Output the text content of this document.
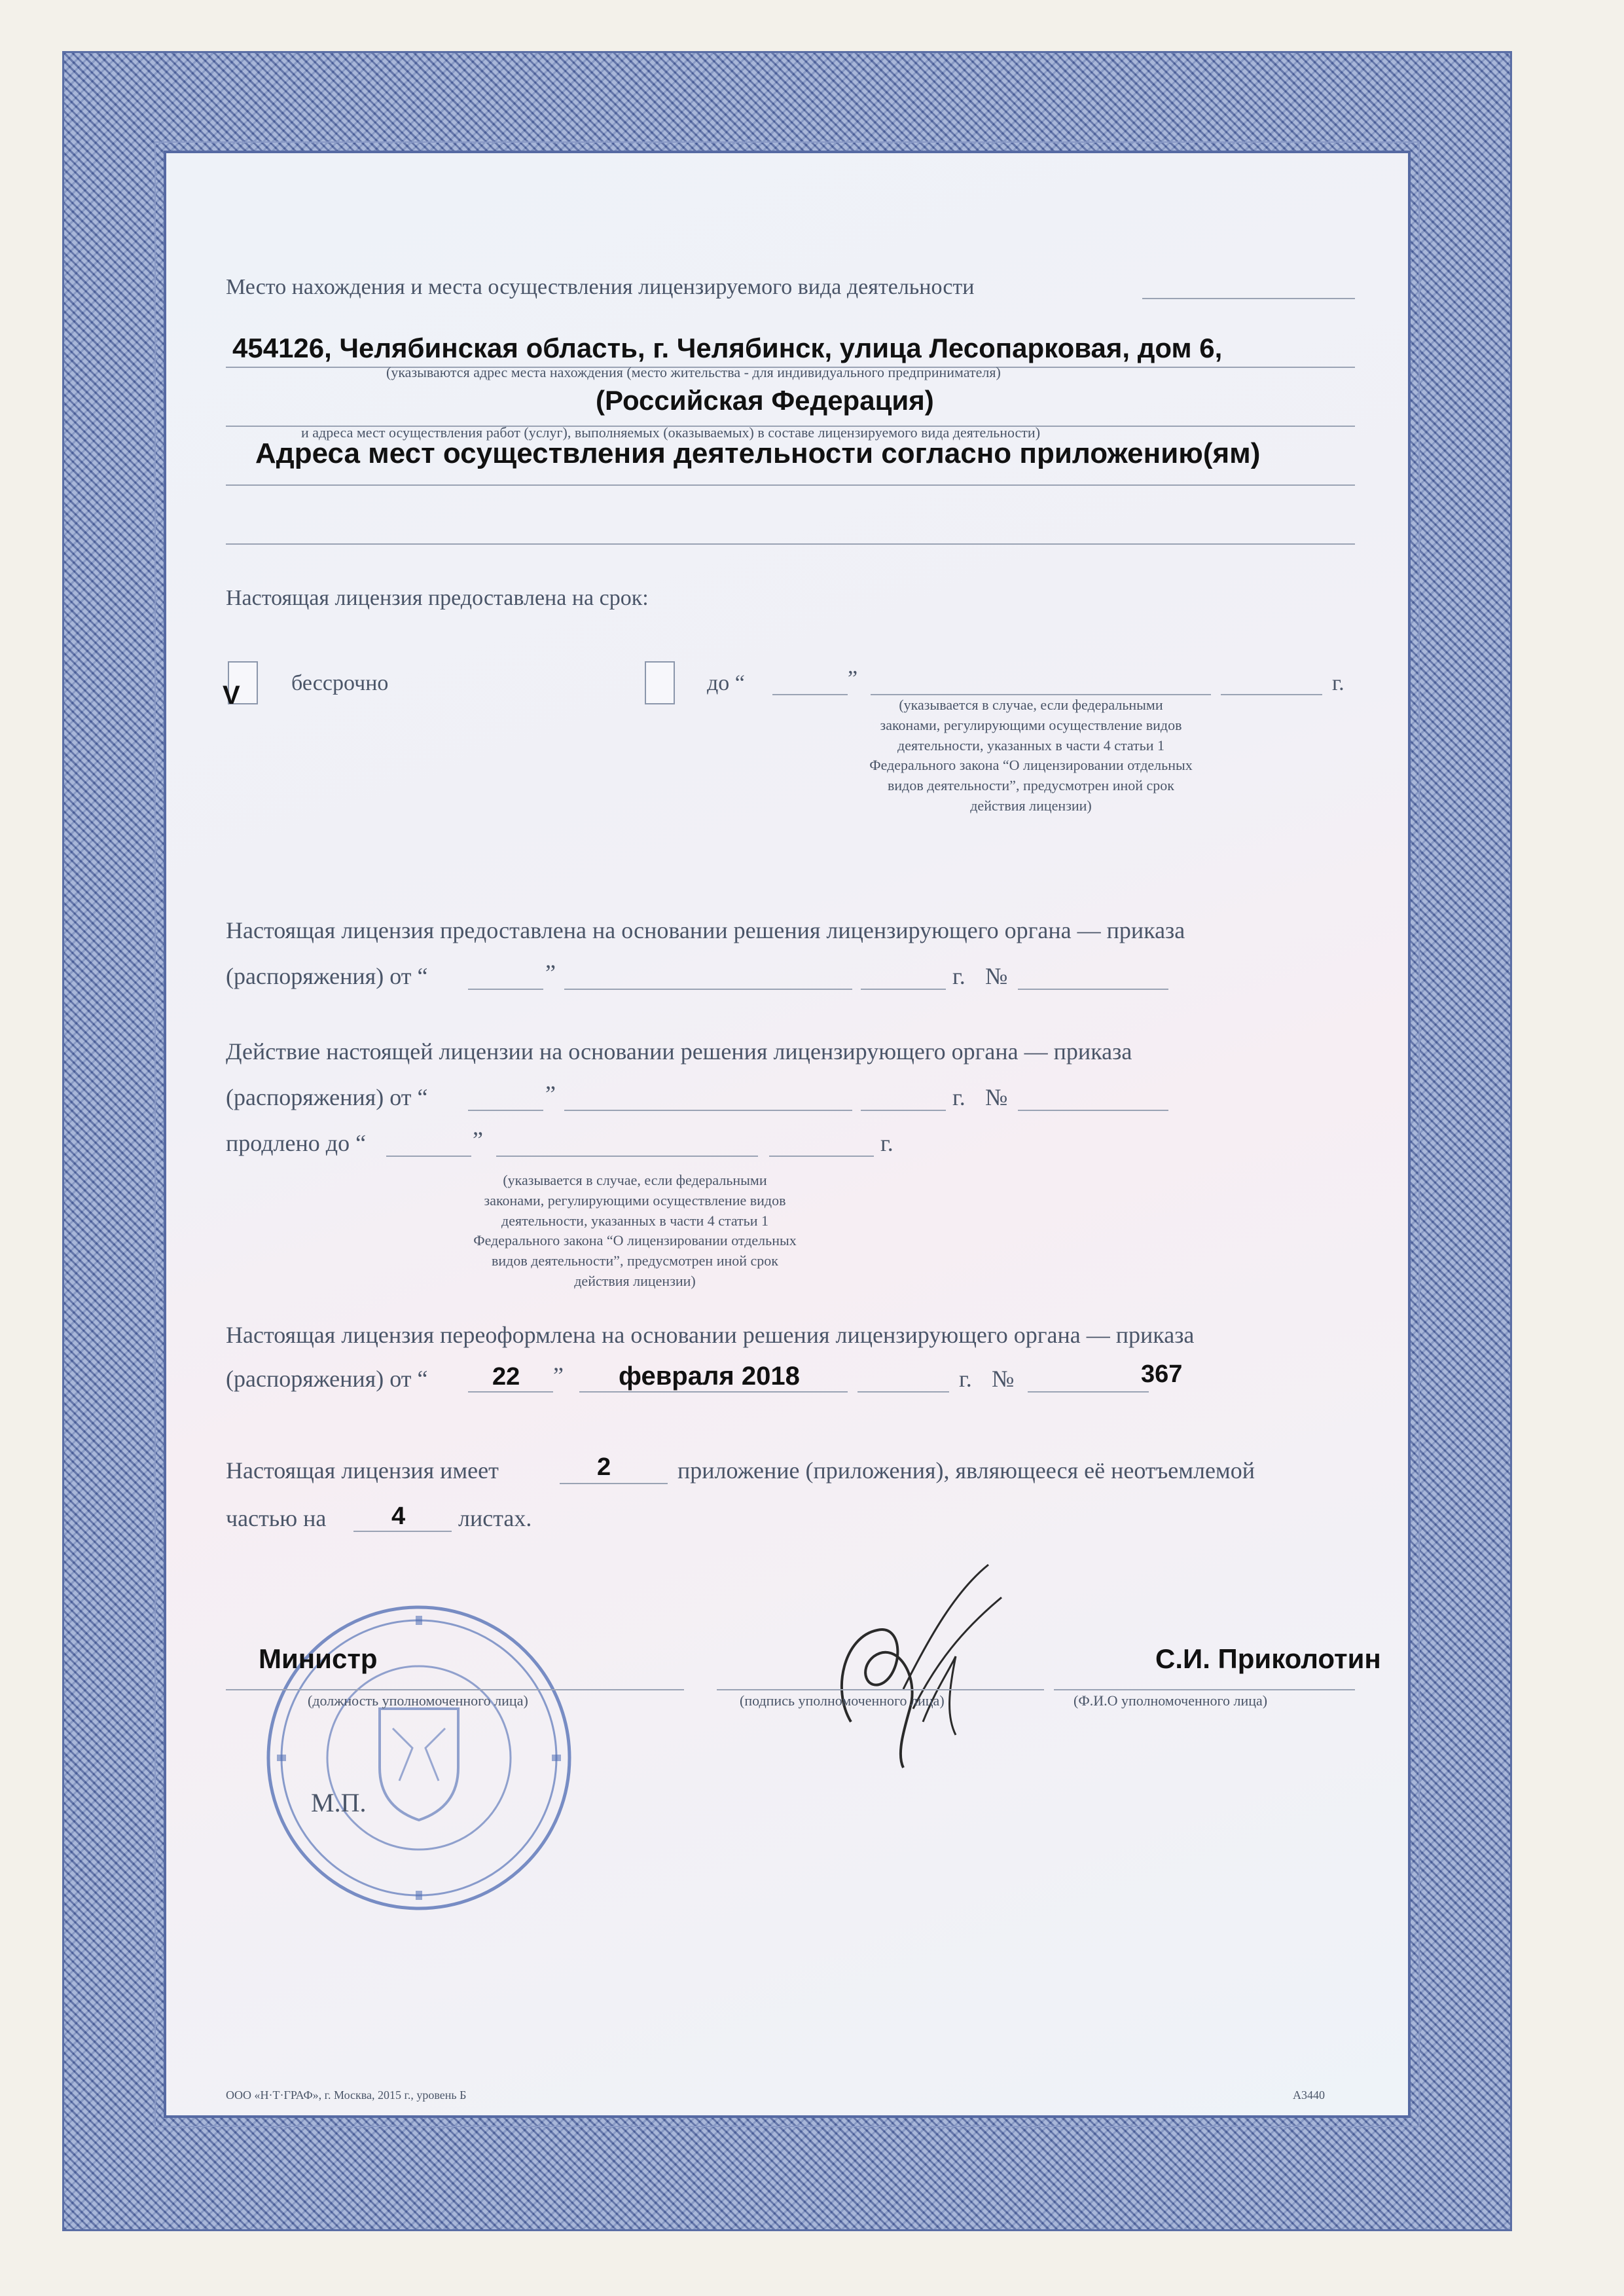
Место нахождения и места осуществления лицензируемого вида деятельности
454126, Челябинская область, г. Челябинск, улица Лесопарковая, дом 6,
(указываются адрес места нахождения (место жительства - для индивидуального предпринимателя)
(Российская Федерация)
и адреса мест осуществления работ (услуг), выполняемых (оказываемых) в составе лицензируемого вида деятельности)
Адреса мест осуществления деятельности согласно приложению(ям)
Настоящая лицензия предоставлена на срок:
V бессрочно	до “	”	г.
(указывается в случае, если федеральными
законами, регулирующими осуществление видов
деятельности, указанных в части 4 статьи 1
Федерального закона “О лицензировании отдельных
видов деятельности”, предусмотрен иной срок
действия лицензии)
Настоящая лицензия предоставлена на основании решения лицензирующего органа — приказа
(распоряжения) от “	”	г. №
Действие настоящей лицензии на основании решения лицензирующего органа — приказа
(распоряжения) от “	”	г. №
продлено до “	”	г.
(указывается в случае, если федеральными
законами, регулирующими осуществление видов
деятельности, указанных в части 4 статьи 1
Федерального закона “О лицензировании отдельных
видов деятельности”, предусмотрен иной срок
действия лицензии)
Настоящая лицензия переоформлена на основании решения лицензирующего органа — приказа
(распоряжения) от “	22 ” февраля 2018	г. №	367
Настоящая лицензия имеет	2	приложение (приложения), являющееся её неотъемлемой
частью на	4 листах.
Министр
(должность уполномоченного лица)	(подпись уполномоченного лица)
С.И. Приколотин
(Ф.И.О уполномоченного лица)
М.П.
ООО «Н·Т·ГРАФ», г. Москва, 2015 г., уровень Б	А3440
